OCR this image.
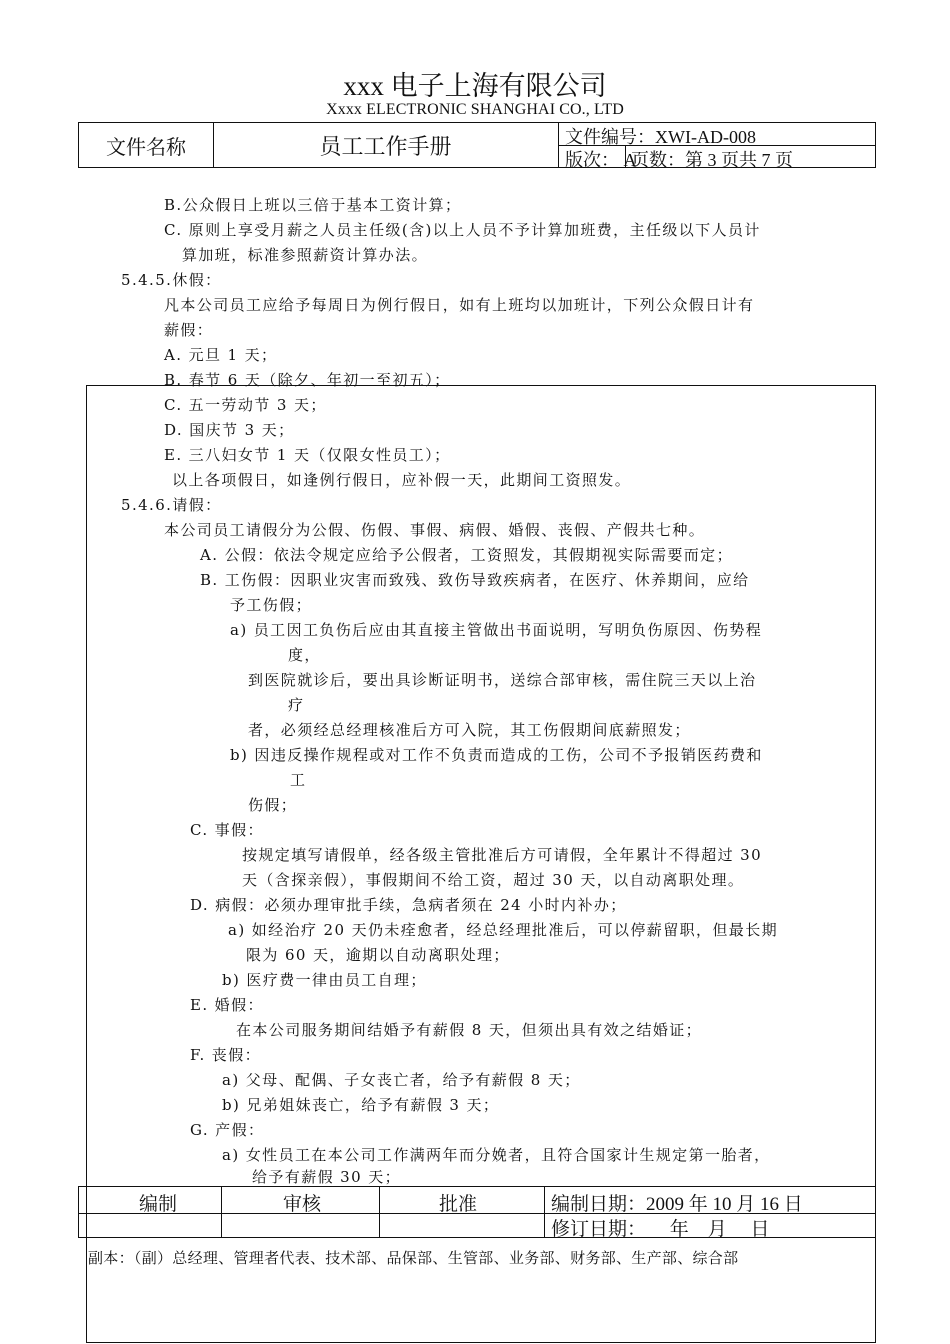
xxx 电子上海有限公司
Xxxx ELECTRONIC SHANGHAI CO., LTD
文件名称	员工工作手册	文件编号：XWI-AD-008
版次： A
页数：第 3 页共 7 页
B.公众假日上班以三倍于基本工资计算；
C. 原则上享受月薪之人员主任级(含)以上人员不予计算加班费，主任级以下人员计
算加班，标准参照薪资计算办法。
5.4.5.休假：
凡本公司员工应给予每周日为例行假日，如有上班均以加班计，下列公众假日计有
薪假：
A. 元旦 1 天；
B. 春节 6 天（除夕、年初一至初五）；
C. 五一劳动节 3 天；
D. 国庆节 3 天；
E. 三八妇女节 1 天（仅限女性员工）；
以上各项假日，如逢例行假日，应补假一天，此期间工资照发。
5.4.6.请假：
本公司员工请假分为公假、伤假、事假、病假、婚假、丧假、产假共七种。
A. 公假：依法令规定应给予公假者，工资照发，其假期视实际需要而定；
B. 工伤假：因职业灾害而致残、致伤导致疾病者，在医疗、休养期间，应给
予工伤假；
a) 员工因工负伤后应由其直接主管做出书面说明，写明负伤原因、伤势程
度，
到医院就诊后，要出具诊断证明书，送综合部审核，需住院三天以上治
疗
者，必须经总经理核准后方可入院，其工伤假期间底薪照发；
b) 因违反操作规程或对工作不负责而造成的工伤，公司不予报销医药费和
工
伤假；
C. 事假：
按规定填写请假单，经各级主管批准后方可请假，全年累计不得超过 30
天（含探亲假），事假期间不给工资，超过 30 天，以自动离职处理。
D. 病假：必须办理审批手续，急病者须在 24 小时内补办；
a) 如经治疗 20 天仍未痊愈者，经总经理批准后，可以停薪留职，但最长期
限为 60 天，逾期以自动离职处理；
b) 医疗费一律由员工自理；
E. 婚假：
在本公司服务期间结婚予有薪假 8 天，但须出具有效之结婚证；
F. 丧假：
a) 父母、配偶、子女丧亡者，给予有薪假 8 天；
b) 兄弟姐妹丧亡，给予有薪假 3 天；
G. 产假：
a) 女性员工在本公司工作满两年而分娩者，且符合国家计生规定第一胎者，
给予有薪假 30 天；
编制	审核	批准	编制日期：2009 年 10 月 16 日
修订日期：     年    月     日
副本：（副）总经理、管理者代表、技术部、品保部、生管部、业务部、财务部、生产部、综合部
